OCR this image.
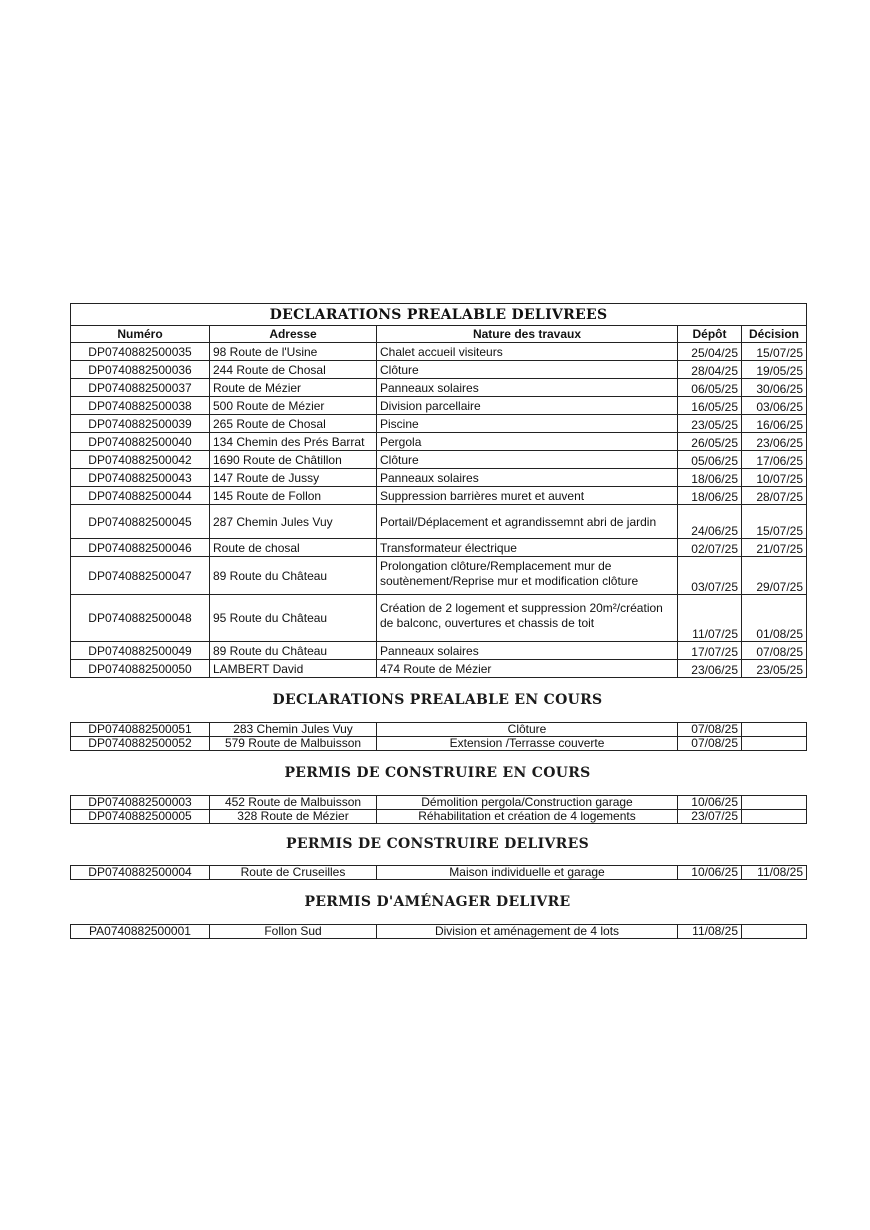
DECLARATIONS PREALABLE DELIVREES				
Numéro	Adresse	Nature des travaux	Dépôt	Décision
DP0740882500035	98 Route de l'Usine	Chalet accueil visiteurs	25/04/25	15/07/25
DP0740882500036	244 Route de Chosal	Clôture	28/04/25	19/05/25
DP0740882500037	Route de Mézier	Panneaux solaires	06/05/25	30/06/25
DP0740882500038	500 Route de Mézier	Division parcellaire	16/05/25	03/06/25
DP0740882500039	265 Route de Chosal	Piscine	23/05/25	16/06/25
DP0740882500040	134 Chemin des Prés Barrat	Pergola	26/05/25	23/06/25
DP0740882500042	1690 Route de Châtillon	Clôture	05/06/25	17/06/25
DP0740882500043	147 Route de Jussy	Panneaux solaires	18/06/25	10/07/25
DP0740882500044	145 Route de Follon	Suppression barrières muret et auvent	18/06/25	28/07/25
DP0740882500045	287 Chemin Jules Vuy	Portail/Déplacement et agrandissemnt abri de jardin	24/06/25	15/07/25
DP0740882500046	Route de chosal	Transformateur électrique	02/07/25	21/07/25
DP0740882500047	89 Route du Château	Prolongation clôture/Remplacement mur de soutènement/Reprise mur et modification clôture	03/07/25	29/07/25
DP0740882500048	95 Route du Château	Création de 2 logement et suppression 20m²/création de balconc, ouvertures et chassis de toit	11/07/25	01/08/25
DP0740882500049	89 Route du Château	Panneaux solaires	17/07/25	07/08/25
DP0740882500050	LAMBERT David	474 Route de Mézier	23/06/25	23/05/25
DECLARATIONS PREALABLE EN COURS
DP0740882500051	283 Chemin Jules Vuy	Clôture	07/08/25	
DP0740882500052	579 Route de Malbuisson	Extension /Terrasse couverte	07/08/25	
PERMIS DE CONSTRUIRE EN COURS
DP0740882500003	452 Route de Malbuisson	Démolition pergola/Construction garage	10/06/25	
DP0740882500005	328 Route de Mézier	Réhabilitation et création de 4 logements	23/07/25	
PERMIS DE CONSTRUIRE DELIVRES
DP0740882500004	Route de Cruseilles	Maison individuelle et garage	10/06/25	11/08/25
PERMIS D'AMÉNAGER DELIVRE
PA0740882500001	Follon Sud	Division et aménagement de 4 lots	11/08/25	
